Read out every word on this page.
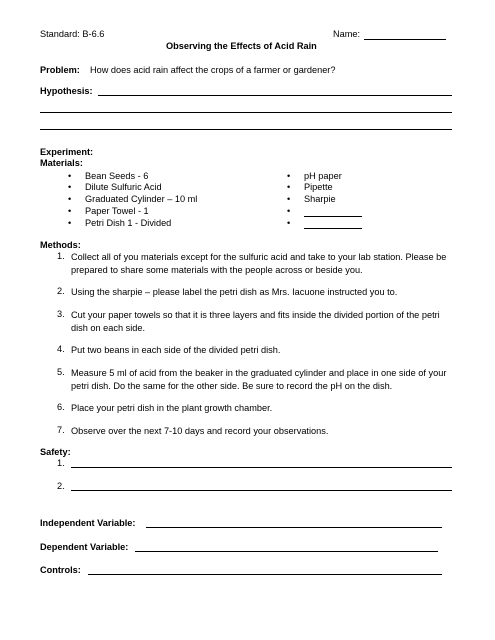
Standard: B-6.6	Name:
Observing the Effects of Acid Rain
Problem: How does acid rain affect the crops of a farmer or gardener?
Hypothesis:
Experiment:
Materials:
• Bean Seeds - 6
• Dilute Sulfuric Acid
• Graduated Cylinder – 10 ml
• Paper Towel - 1
• Petri Dish 1 - Divided
• pH paper
• Pipette
• Sharpie
•
•
Methods:
1. Collect all of you materials except for the sulfuric acid and take to your lab station. Please be prepared to share some materials with the people across or beside you.
2. Using the sharpie – please label the petri dish as Mrs. Iacuone instructed you to.
3. Cut your paper towels so that it is three layers and fits inside the divided portion of the petri dish on each side.
4. Put two beans in each side of the divided petri dish.
5. Measure 5 ml of acid from the beaker in the graduated cylinder and place in one side of your petri dish. Do the same for the other side. Be sure to record the pH on the dish.
6. Place your petri dish in the plant growth chamber.
7. Observe over the next 7-10 days and record your observations.
Safety:
1.
2.
Independent Variable:
Dependent Variable:
Controls:
